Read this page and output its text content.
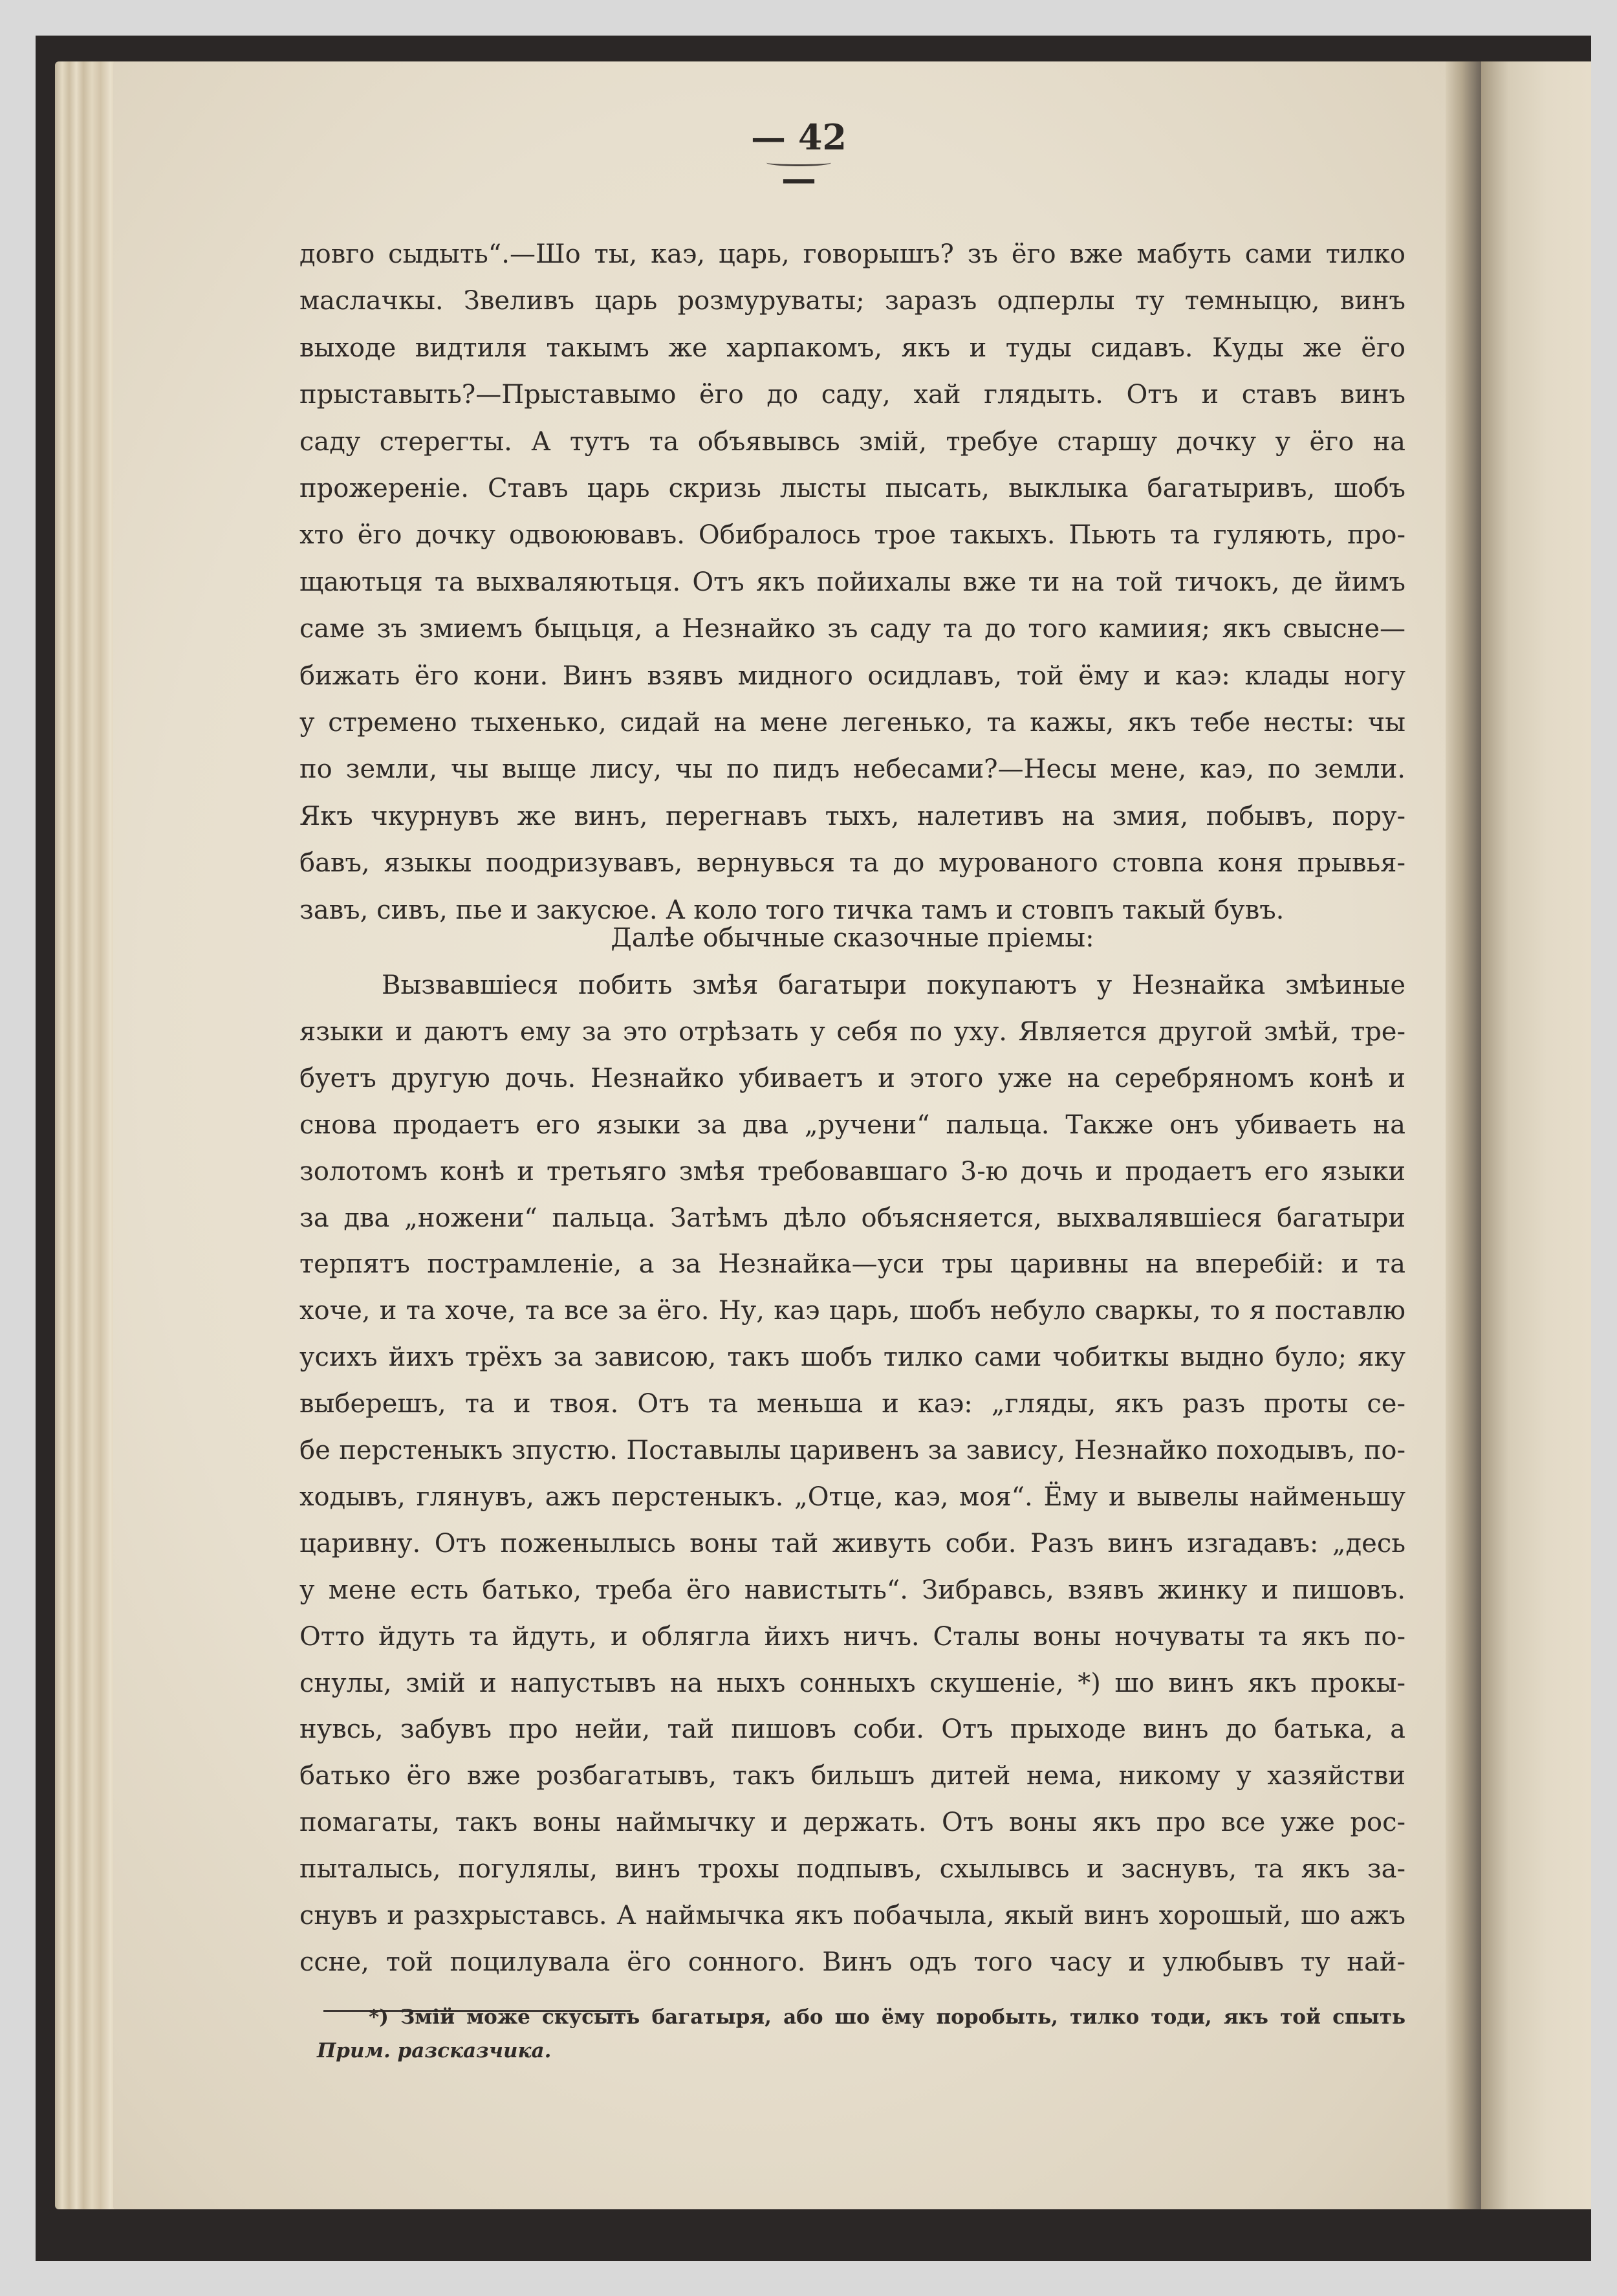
— 42 —
довго сыдыть“.—Шо ты, каэ, царь, говорышъ? зъ ёго вже мабуть сами тилко
маслачкы. Звеливъ царь розмуруваты; заразъ одперлы ту темныцю, винъ
выходе видтиля такымъ же харпакомъ, якъ и туды сидавъ. Куды же ёго
прыставыть?—Прыставымо ёго до саду, хай глядыть. Отъ и ставъ винъ
саду стерегты. А тутъ та объявывсь змій, требуе старшу дочку у ёго на
прожереніе. Ставъ царь скризь лысты пысать, выклыка багатыривъ, шобъ
хто ёго дочку одвоюювавъ. Обибралось трое такыхъ. Пьють та гуляють, про-
щаютьця та выхваляютьця. Отъ якъ пойихалы вже ти на той тичокъ, де йимъ
саме зъ змиемъ быцьця, а Незнайко зъ саду та до того камиия; якъ свысне—
бижать ёго кони. Винъ взявъ мидного осидлавъ, той ёму и каэ: клады ногу
у стремено тыхенько, сидай на мене легенько, та кажы, якъ тебе несты: чы
по земли, чы выще лису, чы по пидъ небесами?—Несы мене, каэ, по земли.
Якъ чкурнувъ же винъ, перегнавъ тыхъ, налетивъ на змия, побывъ, пору-
бавъ, языкы поодризувавъ, вернувься та до мурованого стовпа коня прывья-
завъ, сивъ, пье и закусюе. А коло того тичка тамъ и стовпъ такый бувъ.
Далѣе обычные сказочные пріемы:
Вызвавшіеся побить змѣя багатыри покупаютъ у Незнайка змѣиные
языки и даютъ ему за это отрѣзать у себя по уху. Является другой змѣй, тре-
буетъ другую дочь. Незнайко убиваетъ и этого уже на серебряномъ конѣ и
снова продаетъ его языки за два „ручени“ пальца. Также онъ убиваеть на
золотомъ конѣ и третьяго змѣя требовавшаго 3-ю дочь и продаетъ его языки
за два „ножени“ пальца. Затѣмъ дѣло объясняется, выхвалявшіеся багатыри
терпятъ пострамленіе, а за Незнайка—уси тры царивны на вперебій: и та
хоче, и та хоче, та все за ёго. Ну, каэ царь, шобъ небуло сваркы, то я поставлю
усихъ йихъ трёхъ за зависою, такъ шобъ тилко сами чобиткы выдно було; яку
выберешъ, та и твоя. Отъ та меньша и каэ: „гляды, якъ разъ проты се-
бе перстеныкъ зпустю. Поставылы царивенъ за завису, Незнайко походывъ, по-
ходывъ, глянувъ, ажъ перстеныкъ. „Отце, каэ, моя“. Ёму и вывелы найменьшу
царивну. Отъ поженылысь воны тай живуть соби. Разъ винъ изгадавъ: „десь
у мене есть батько, треба ёго навистыть“. Зибравсь, взявъ жинку и пишовъ.
Отто йдуть та йдуть, и облягла йихъ ничъ. Сталы воны ночуваты та якъ по-
снулы, змій и напустывъ на ныхъ сонныхъ скушеніе, *) шо винъ якъ прокы-
нувсь, забувъ про нейи, тай пишовъ соби. Отъ прыходе винъ до батька, а
батько ёго вже розбагатывъ, такъ бильшъ дитей нема, никому у хазяйстви
помагаты, такъ воны наймычку и держать. Отъ воны якъ про все уже рос-
пыталысь, погулялы, винъ трохы подпывъ, схылывсь и заснувъ, та якъ за-
снувъ и разхрыставсь. А наймычка якъ побачыла, якый винъ хорошый, шо ажъ
ссне, той поцилувала ёго сонного. Винъ одъ того часу и улюбывъ ту най-
*) Змій може скусыть багатыря, або шо ёму поробыть, тилко тоди, якъ той спыть
Прим. разсказчика.
